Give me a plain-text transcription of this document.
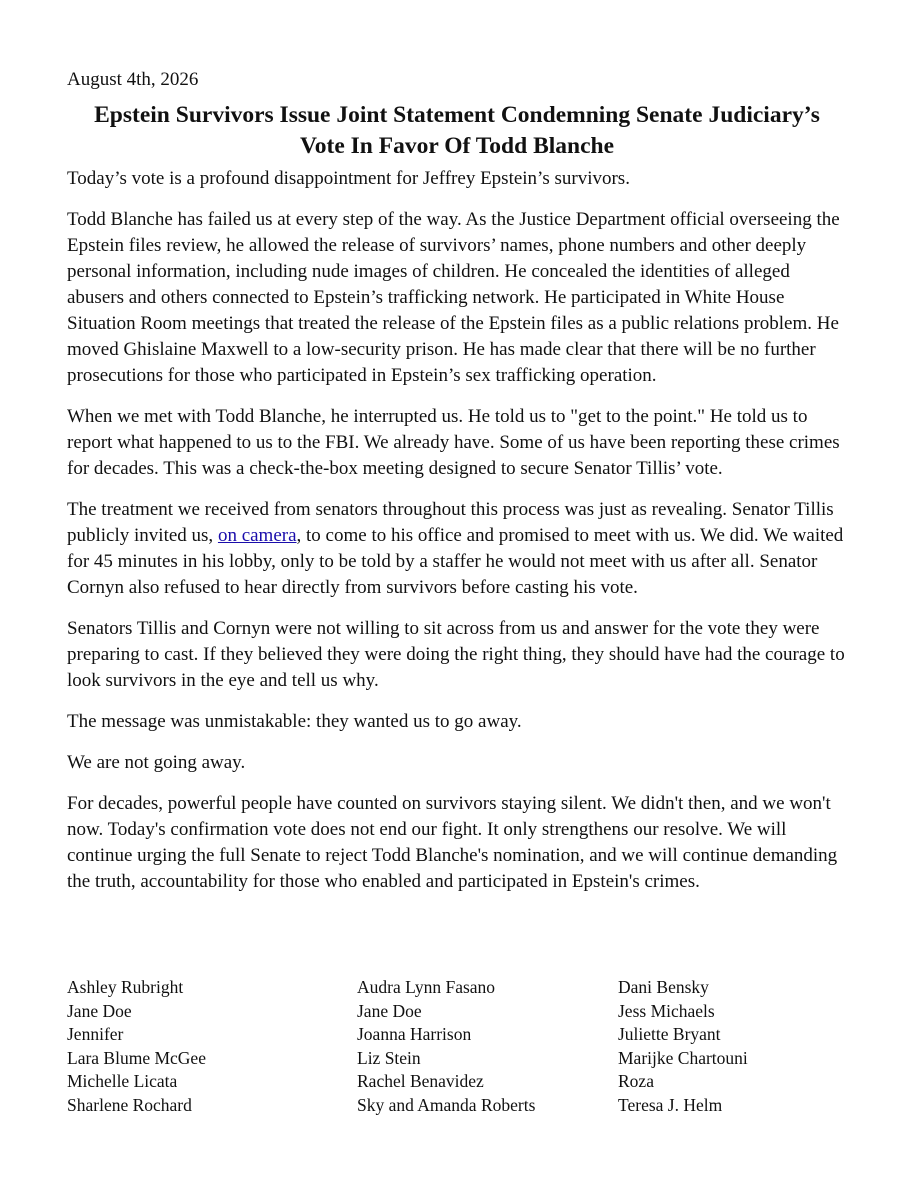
August 4th, 2026
Epstein Survivors Issue Joint Statement Condemning Senate Judiciary’s
Vote In Favor Of Todd Blanche

Today’s vote is a profound disappointment for Jeffrey Epstein’s survivors.

Todd Blanche has failed us at every step of the way. As the Justice Department official overseeing the Epstein files review, he allowed the release of survivors’ names, phone numbers and other deeply personal information, including nude images of children. He concealed the identities of alleged abusers and others connected to Epstein’s trafficking network. He participated in White House Situation Room meetings that treated the release of the Epstein files as a public relations problem. He moved Ghislaine Maxwell to a low-security prison. He has made clear that there will be no further prosecutions for those who participated in Epstein’s sex trafficking operation.

When we met with Todd Blanche, he interrupted us. He told us to "get to the point." He told us to report what happened to us to the FBI. We already have. Some of us have been reporting these crimes for decades. This was a check-the-box meeting designed to secure Senator Tillis’ vote.

The treatment we received from senators throughout this process was just as revealing. Senator Tillis publicly invited us, on camera, to come to his office and promised to meet with us. We did. We waited for 45 minutes in his lobby, only to be told by a staffer he would not meet with us after all. Senator Cornyn also refused to hear directly from survivors before casting his vote.

Senators Tillis and Cornyn were not willing to sit across from us and answer for the vote they were preparing to cast. If they believed they were doing the right thing, they should have had the courage to look survivors in the eye and tell us why.

The message was unmistakable: they wanted us to go away.

We are not going away.

For decades, powerful people have counted on survivors staying silent. We didn't then, and we won't now. Today's confirmation vote does not end our fight. It only strengthens our resolve. We will continue urging the full Senate to reject Todd Blanche's nomination, and we will continue demanding the truth, accountability for those who enabled and participated in Epstein's crimes.

Ashley Rubright
Jane Doe
Jennifer
Lara Blume McGee
Michelle Licata
Sharlene Rochard
Audra Lynn Fasano
Jane Doe
Joanna Harrison
Liz Stein
Rachel Benavidez
Sky and Amanda Roberts
Dani Bensky
Jess Michaels
Juliette Bryant
Marijke Chartouni
Roza
Teresa J. Helm
